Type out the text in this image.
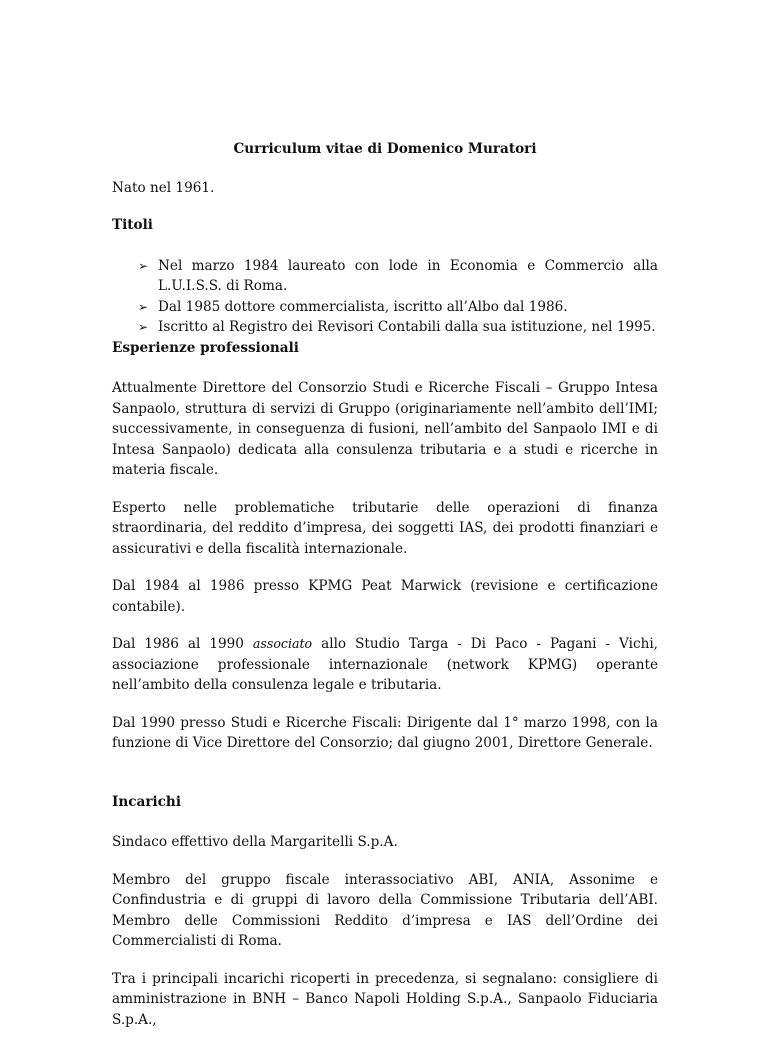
Curriculum vitae di Domenico Muratori

Nato nel 1961.

Titoli
➢ Nel marzo 1984 laureato con lode in Economia e Commercio alla L.U.I.S.S. di Roma.
➢ Dal 1985 dottore commercialista, iscritto all’Albo dal 1986.
➢ Iscritto al Registro dei Revisori Contabili dalla sua istituzione, nel 1995.
Esperienze professionali

Attualmente Direttore del Consorzio Studi e Ricerche Fiscali – Gruppo Intesa Sanpaolo, struttura di servizi di Gruppo (originariamente nell’ambito dell’IMI; successivamente, in conseguenza di fusioni, nell’ambito del Sanpaolo IMI e di Intesa Sanpaolo) dedicata alla consulenza tributaria e a studi e ricerche in materia fiscale.

Esperto nelle problematiche tributarie delle operazioni di finanza straordinaria, del reddito d’impresa, dei soggetti IAS, dei prodotti finanziari e assicurativi e della fiscalità internazionale.

Dal 1984 al 1986 presso KPMG Peat Marwick (revisione e certificazione contabile).

Dal 1986 al 1990 associato allo Studio Targa - Di Paco - Pagani - Vichi, associazione professionale internazionale (network KPMG) operante nell’ambito della consulenza legale e tributaria.

Dal 1990 presso Studi e Ricerche Fiscali: Dirigente dal 1° marzo 1998, con la funzione di Vice Direttore del Consorzio; dal giugno 2001, Direttore Generale.

Incarichi

Sindaco effettivo della Margaritelli S.p.A.

Membro del gruppo fiscale interassociativo ABI, ANIA, Assonime e Confindustria e di gruppi di lavoro della Commissione Tributaria dell’ABI. Membro delle Commissioni Reddito d’impresa e IAS dell’Ordine dei Commercialisti di Roma.

Tra i principali incarichi ricoperti in precedenza, si segnalano: consigliere di amministrazione in BNH – Banco Napoli Holding S.p.A., Sanpaolo Fiduciaria S.p.A.,
